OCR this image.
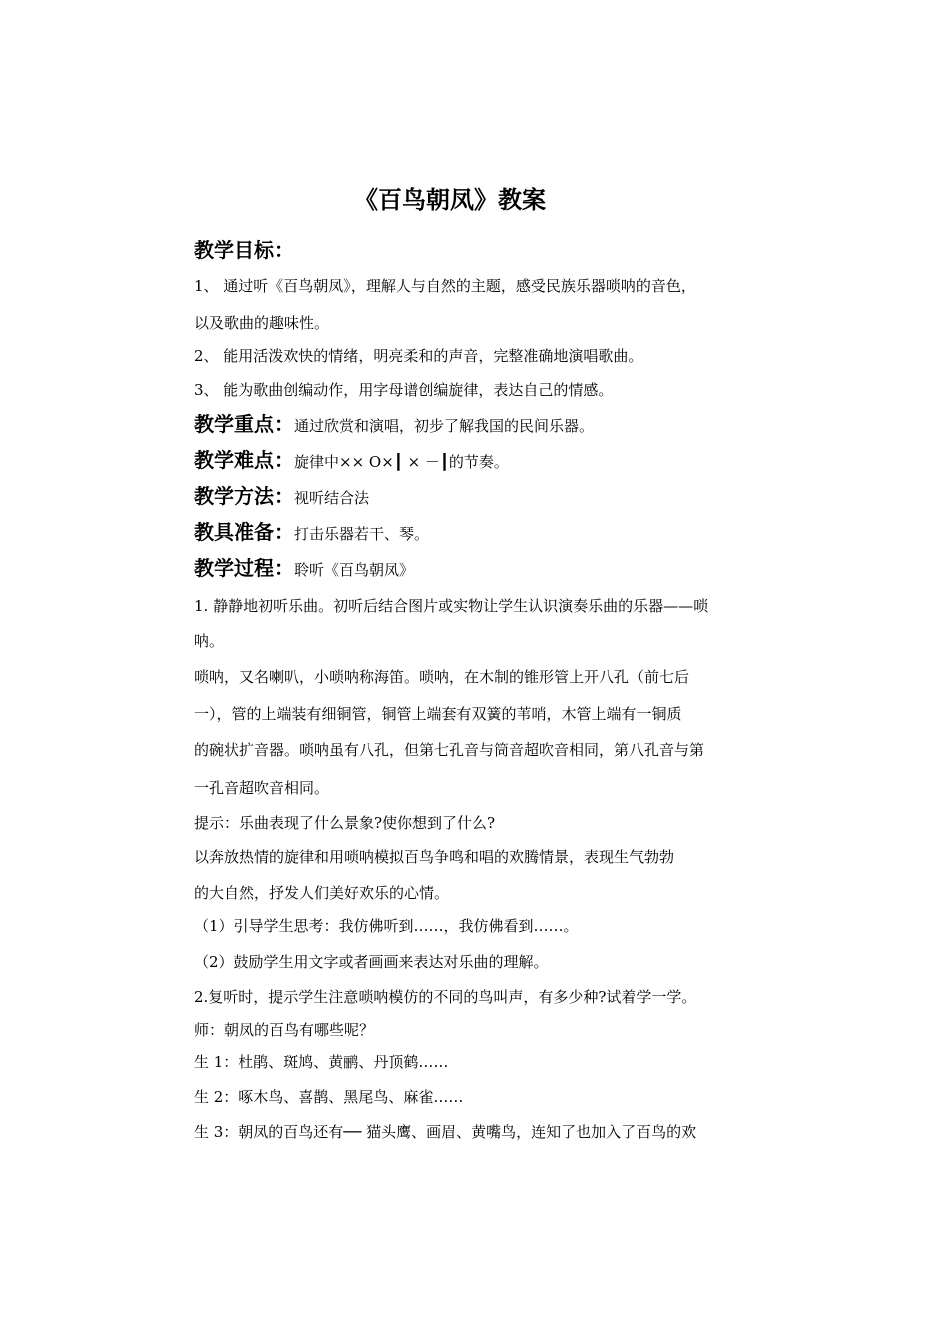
《百鸟朝凤》教案
教学目标：
1、 通过听《百鸟朝凤》，理解人与自然的主题，感受民族乐器唢呐的音色，
以及歌曲的趣味性。
2、 能用活泼欢快的情绪，明亮柔和的声音，完整准确地演唱歌曲。
3、 能为歌曲创编动作，用字母谱创编旋律，表达自己的情感。
教学重点：通过欣赏和演唱，初步了解我国的民间乐器。
教学难点：旋律中×× O×┃ × －┃的节奏。
教学方法：视听结合法
教具准备：打击乐器若干、琴。
教学过程：聆听《百鸟朝凤》
1. 静静地初听乐曲。初听后结合图片或实物让学生认识演奏乐曲的乐器——唢
呐。
唢呐，又名喇叭，小唢呐称海笛。唢呐，在木制的锥形管上开八孔（前七后
一），管的上端装有细铜管，铜管上端套有双簧的苇哨，木管上端有一铜质
的碗状扩音器。唢呐虽有八孔，但第七孔音与筒音超吹音相同，第八孔音与第
一孔音超吹音相同。
提示：乐曲表现了什么景象?使你想到了什么?
以奔放热情的旋律和用唢呐模拟百鸟争鸣和唱的欢腾情景，表现生气勃勃
的大自然，抒发人们美好欢乐的心情。
（1）引导学生思考：我仿佛听到……，我仿佛看到……。
（2）鼓励学生用文字或者画画来表达对乐曲的理解。
2.复听时，提示学生注意唢呐模仿的不同的鸟叫声，有多少种?试着学一学。
师：朝凤的百鸟有哪些呢？
生 1：杜鹃、斑鸠、黄鹂、丹顶鹤……
生 2：啄木鸟、喜鹊、黑尾鸟、麻雀……
生 3：朝凤的百鸟还有── 猫头鹰、画眉、黄嘴鸟，连知了也加入了百鸟的欢
